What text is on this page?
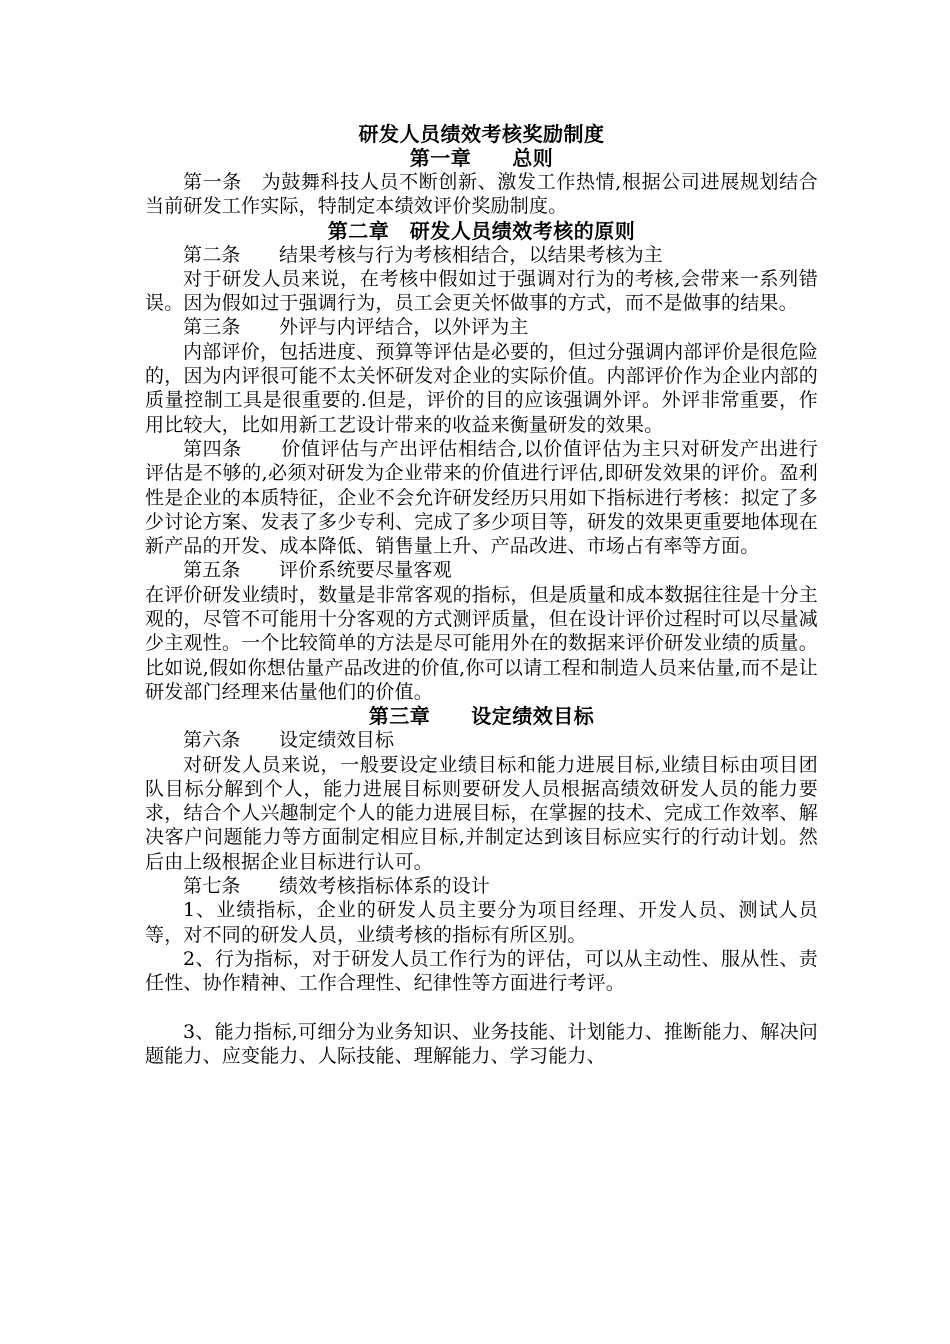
研发人员绩效考核奖励制度
第一章　　总则

第一条　为鼓舞科技人员不断创新、激发工作热情,根据公司进展规划结合当前研发工作实际，特制定本绩效评价奖励制度。

第二章　研发人员绩效考核的原则

第二条　　结果考核与行为考核相结合，以结果考核为主

对于研发人员来说，在考核中假如过于强调对行为的考核,会带来一系列错误。因为假如过于强调行为，员工会更关怀做事的方式，而不是做事的结果。

第三条　　外评与内评结合，以外评为主

内部评价，包括进度、预算等评估是必要的，但过分强调内部评价是很危险的，因为内评很可能不太关怀研发对企业的实际价值。内部评价作为企业内部的质量控制工具是很重要的.但是，评价的目的应该强调外评。外评非常重要，作用比较大，比如用新工艺设计带来的收益来衡量研发的效果。

第四条　　价值评估与产出评估相结合,以价值评估为主只对研发产出进行评估是不够的,必须对研发为企业带来的价值进行评估,即研发效果的评价。盈利性是企业的本质特征，企业不会允许研发经历只用如下指标进行考核：拟定了多少讨论方案、发表了多少专利、完成了多少项目等，研发的效果更重要地体现在新产品的开发、成本降低、销售量上升、产品改进、市场占有率等方面。

第五条　　评价系统要尽量客观

在评价研发业绩时，数量是非常客观的指标，但是质量和成本数据往往是十分主观的，尽管不可能用十分客观的方式测评质量，但在设计评价过程时可以尽量减少主观性。一个比较简单的方法是尽可能用外在的数据来评价研发业绩的质量。比如说,假如你想估量产品改进的价值,你可以请工程和制造人员来估量,而不是让研发部门经理来估量他们的价值。

第三章　　设定绩效目标

第六条　　设定绩效目标

对研发人员来说，一般要设定业绩目标和能力进展目标,业绩目标由项目团队目标分解到个人，能力进展目标则要研发人员根据高绩效研发人员的能力要求，结合个人兴趣制定个人的能力进展目标，在掌握的技术、完成工作效率、解决客户问题能力等方面制定相应目标,并制定达到该目标应实行的行动计划。然后由上级根据企业目标进行认可。

第七条　　绩效考核指标体系的设计

1、业绩指标，企业的研发人员主要分为项目经理、开发人员、测试人员等，对不同的研发人员，业绩考核的指标有所区别。

2、行为指标，对于研发人员工作行为的评估，可以从主动性、服从性、责任性、协作精神、工作合理性、纪律性等方面进行考评。

3、能力指标,可细分为业务知识、业务技能、计划能力、推断能力、解决问题能力、应变能力、人际技能、理解能力、学习能力、
